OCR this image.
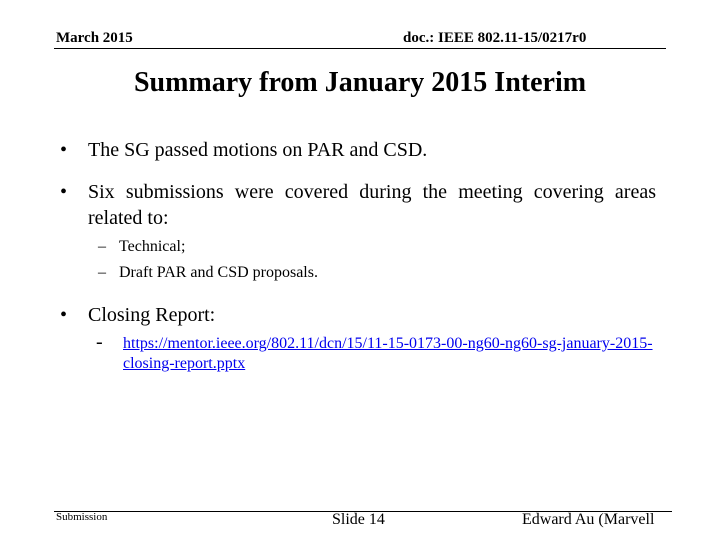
March 2015	doc.: IEEE 802.11-15/0217r0
Summary from January 2015 Interim
• The SG passed motions on PAR and CSD.
• Six submissions were covered during the meeting covering areas related to:
– Technical;
– Draft PAR and CSD proposals.
• Closing Report:
- https://mentor.ieee.org/802.11/dcn/15/11-15-0173-00-ng60-ng60-sg-january-2015-closing-report.pptx
Submission	Slide 14	Edward Au (Marvell
